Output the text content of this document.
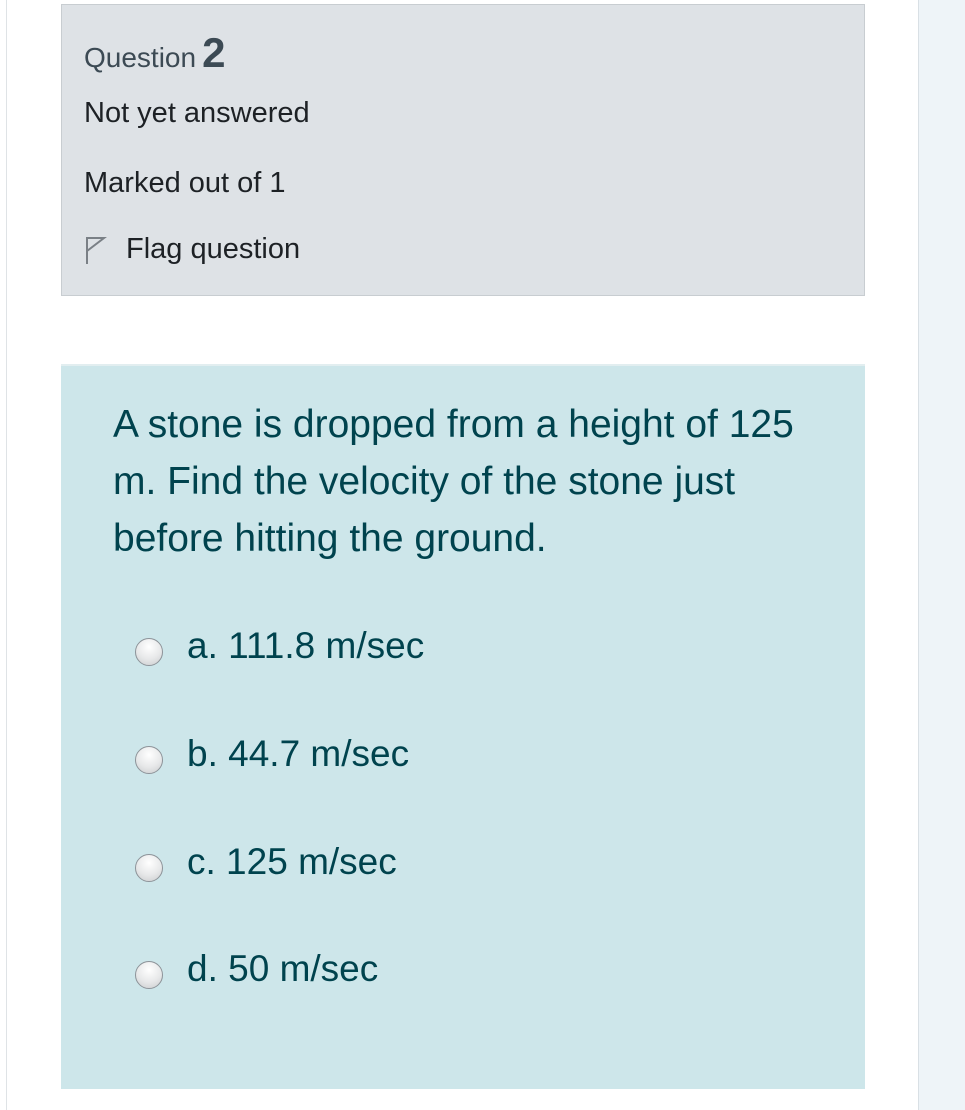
Question 2
Not yet answered
Marked out of 1
Flag question
A stone is dropped from a height of 125 m. Find the velocity of the stone just before hitting the ground.
a. 111.8 m/sec
b. 44.7 m/sec
c. 125 m/sec
d. 50 m/sec
